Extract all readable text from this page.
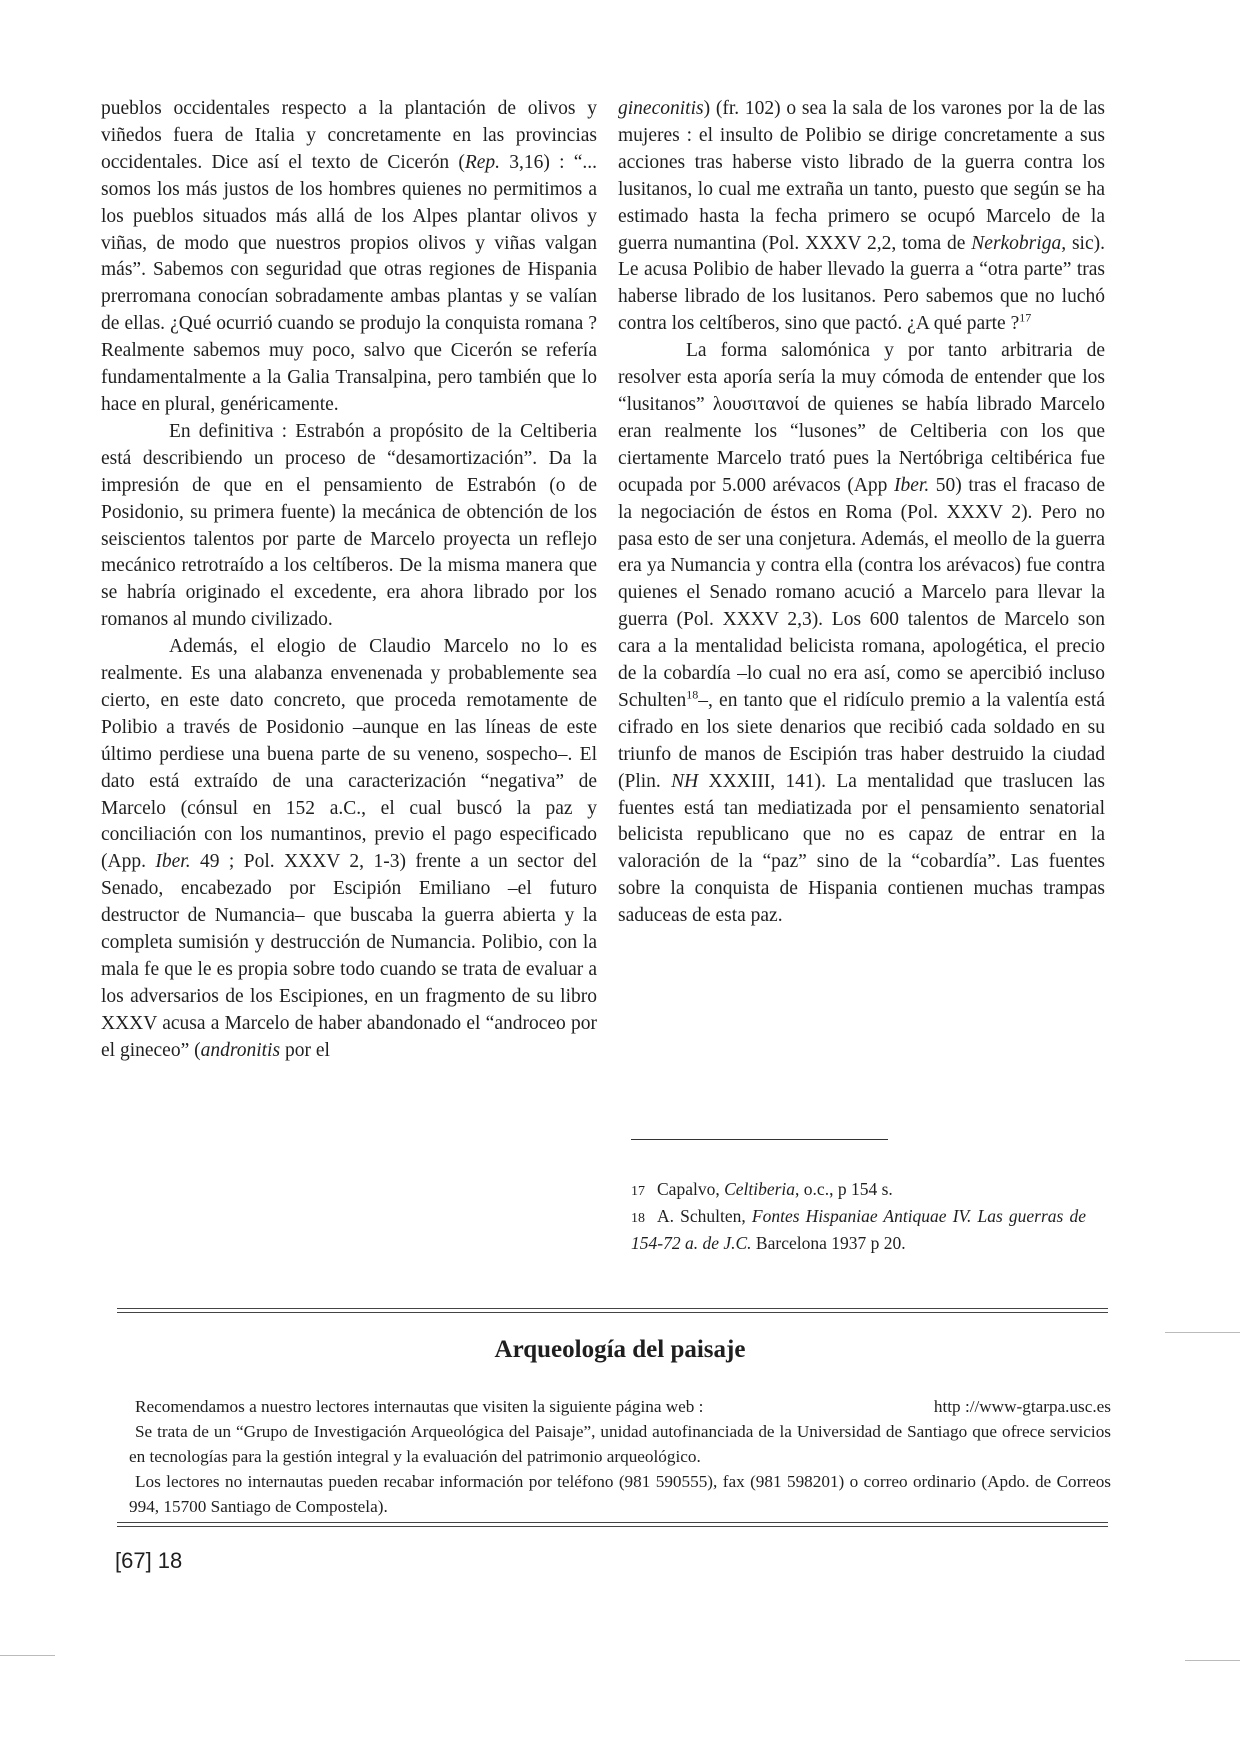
pueblos occidentales respecto a la plantación de olivos y viñedos fuera de Italia y concretamente en las provincias occidentales. Dice así el texto de Cicerón (Rep. 3,16) : “... somos los más justos de los hombres quienes no permitimos a los pueblos situados más allá de los Alpes plantar olivos y viñas, de modo que nuestros propios olivos y viñas valgan más”. Sabemos con seguridad que otras regiones de Hispania prerromana conocían sobradamente ambas plantas y se valían de ellas. ¿Qué ocurrió cuando se produjo la conquista romana ? Realmente sabemos muy poco, salvo que Cicerón se refería fundamentalmente a la Galia Transalpina, pero también que lo hace en plural, genéricamente.

En definitiva : Estrabón a propósito de la Celtiberia está describiendo un proceso de “desamortización”. Da la impresión de que en el pensamiento de Estrabón (o de Posidonio, su primera fuente) la mecánica de obtención de los seiscientos talentos por parte de Marcelo proyecta un reflejo mecánico retrotraído a los celtíberos. De la misma manera que se habría originado el excedente, era ahora librado por los romanos al mundo civilizado.

Además, el elogio de Claudio Marcelo no lo es realmente. Es una alabanza envenenada y probablemente sea cierto, en este dato concreto, que proceda remotamente de Polibio a través de Posidonio –aunque en las líneas de este último perdiese una buena parte de su veneno, sospecho–. El dato está extraído de una caracterización “negativa” de Marcelo (cónsul en 152 a.C., el cual buscó la paz y conciliación con los numantinos, previo el pago especificado (App. Iber. 49 ; Pol. XXXV 2, 1-3) frente a un sector del Senado, encabezado por Escipión Emiliano –el futuro destructor de Numancia– que buscaba la guerra abierta y la completa sumisión y destrucción de Numancia. Polibio, con la mala fe que le es propia sobre todo cuando se trata de evaluar a los adversarios de los Escipiones, en un fragmento de su libro XXXV acusa a Marcelo de haber abandonado el “androceo por el gineceo” (andronitis por el

gineconitis) (fr. 102) o sea la sala de los varones por la de las mujeres : el insulto de Polibio se dirige concretamente a sus acciones tras haberse visto librado de la guerra contra los lusitanos, lo cual me extraña un tanto, puesto que según se ha estimado hasta la fecha primero se ocupó Marcelo de la guerra numantina (Pol. XXXV 2,2, toma de Nerkobriga, sic). Le acusa Polibio de haber llevado la guerra a “otra parte” tras haberse librado de los lusitanos. Pero sabemos que no luchó contra los celtíberos, sino que pactó. ¿A qué parte ?$^{17}$

La forma salomónica y por tanto arbitraria de resolver esta aporía sería la muy cómoda de entender que los “lusitanos” λουσιτανοί de quienes se había librado Marcelo eran realmente los “lusones” de Celtiberia con los que ciertamente Marcelo trató pues la Nertóbriga celtibérica fue ocupada por 5.000 arévacos (App Iber. 50) tras el fracaso de la negociación de éstos en Roma (Pol. XXXV 2). Pero no pasa esto de ser una conjetura. Además, el meollo de la guerra era ya Numancia y contra ella (contra los arévacos) fue contra quienes el Senado romano acució a Marcelo para llevar la guerra (Pol. XXXV 2,3). Los 600 talentos de Marcelo son cara a la mentalidad belicista romana, apologética, el precio de la cobardía –lo cual no era así, como se apercibió incluso Schulten$^{18}$–, en tanto que el ridículo premio a la valentía está cifrado en los siete denarios que recibió cada soldado en su triunfo de manos de Escipión tras haber destruido la ciudad (Plin. NH XXXIII, 141). La mentalidad que traslucen las fuentes está tan mediatizada por el pensamiento senatorial belicista republicano que no es capaz de entrar en la valoración de la “paz” sino de la “cobardía”. Las fuentes sobre la conquista de Hispania contienen muchas trampas saduceas de esta paz.

17 Capalvo, Celtiberia, o.c., p 154 s.

18 A. Schulten, Fontes Hispaniae Antiquae IV. Las guerras de 154-72 a. de J.C. Barcelona 1937 p 20.

Arqueología del paisaje

Recomendamos a nuestro lectores internautas que visiten la siguiente página web :	http ://www-gtarpa.usc.es

Se trata de un “Grupo de Investigación Arqueológica del Paisaje”, unidad autofinanciada de la Universidad de Santiago que ofrece servicios en tecnologías para la gestión integral y la evaluación del patrimonio arqueológico.

Los lectores no internautas pueden recabar información por teléfono (981 590555), fax (981 598201) o correo ordinario (Apdo. de Correos 994, 15700 Santiago de Compostela).

[67] 18
